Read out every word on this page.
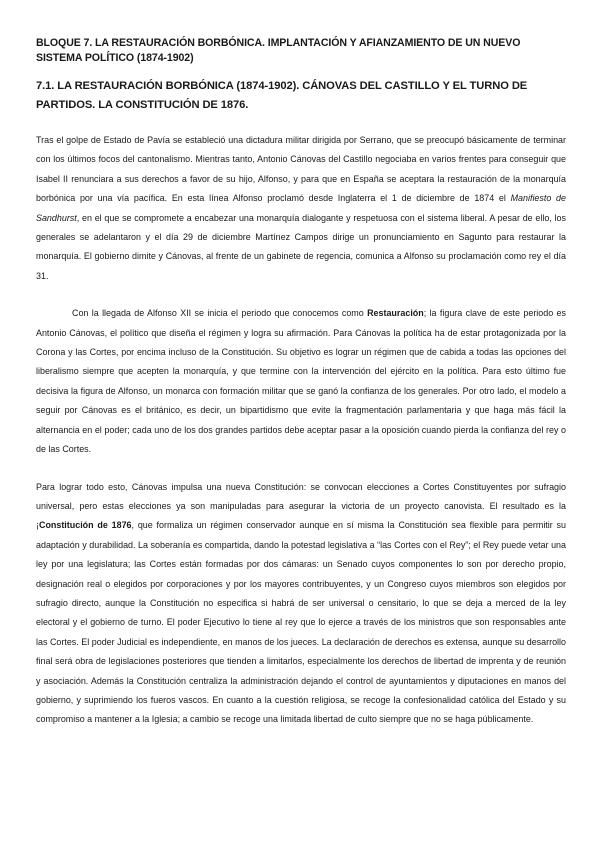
BLOQUE 7. LA RESTAURACIÓN BORBÓNICA. IMPLANTACIÓN Y AFIANZAMIENTO DE UN NUEVO SISTEMA POLÍTICO (1874-1902)
7.1. LA RESTAURACIÓN BORBÓNICA (1874-1902). CÁNOVAS DEL CASTILLO Y EL TURNO DE PARTIDOS. LA CONSTITUCIÓN DE 1876.

Tras el golpe de Estado de Pavía se estableció una dictadura militar dirigida por Serrano, que se preocupó básicamente de terminar con los últimos focos del cantonalismo. Mientras tanto, Antonio Cánovas del Castillo negociaba en varios frentes para conseguir que Isabel II renunciara a sus derechos a favor de su hijo, Alfonso, y para que en España se aceptara la restauración de la monarquía borbónica por una vía pacífica. En esta línea Alfonso proclamó desde Inglaterra el 1 de diciembre de 1874 el Manifiesto de Sandhurst, en el que se compromete a encabezar una monarquía dialogante y respetuosa con el sistema liberal. A pesar de ello, los generales se adelantaron y el día 29 de diciembre Martínez Campos dirige un pronunciamiento en Sagunto para restaurar la monarquía. El gobierno dimite y Cánovas, al frente de un gabinete de regencia, comunica a Alfonso su proclamación como rey el día 31.

Con la llegada de Alfonso XII se inicia el periodo que conocemos como Restauración; la figura clave de este periodo es Antonio Cánovas, el político que diseña el régimen y logra su afirmación. Para Cánovas la política ha de estar protagonizada por la Corona y las Cortes, por encima incluso de la Constitución. Su objetivo es lograr un régimen que de cabida a todas las opciones del liberalismo siempre que acepten la monarquía, y que termine con la intervención del ejército en la política. Para esto último fue decisiva la figura de Alfonso, un monarca con formación militar que se ganó la confianza de los generales. Por otro lado, el modelo a seguir por Cánovas es el británico, es decir, un bipartidismo que evite la fragmentación parlamentaria y que haga más fácil la alternancia en el poder; cada uno de los dos grandes partidos debe aceptar pasar a la oposición cuando pierda la confianza del rey o de las Cortes.

Para lograr todo esto, Cánovas impulsa una nueva Constitución: se convocan elecciones a Cortes Constituyentes por sufragio universal, pero estas elecciones ya son manipuladas para asegurar la victoria de un proyecto canovista. El resultado es la ¡Constitución de 1876, que formaliza un régimen conservador aunque en sí misma la Constitución sea flexible para permitir su adaptación y durabilidad. La soberanía es compartida, dando la potestad legislativa a “las Cortes con el Rey”; el Rey puede vetar una ley por una legislatura; las Cortes están formadas por dos cámaras: un Senado cuyos componentes lo son por derecho propio, designación real o elegidos por corporaciones y por los mayores contribuyentes, y un Congreso cuyos miembros son elegidos por sufragio directo, aunque la Constitución no especifica si habrá de ser universal o censitario, lo que se deja a merced de la ley electoral y el gobierno de turno. El poder Ejecutivo lo tiene al rey que lo ejerce a través de los ministros que son responsables ante las Cortes. El poder Judicial es independiente, en manos de los jueces. La declaración de derechos es extensa, aunque su desarrollo final será obra de legislaciones posteriores que tienden a limitarlos, especialmente los derechos de libertad de imprenta y de reunión y asociación. Además la Constitución centraliza la administración dejando el control de ayuntamientos y diputaciones en manos del gobierno, y suprimiendo los fueros vascos. En cuanto a la cuestión religiosa, se recoge la confesionalidad católica del Estado y su compromiso a mantener a la Iglesia; a cambio se recoge una limitada libertad de culto siempre que no se haga públicamente.
